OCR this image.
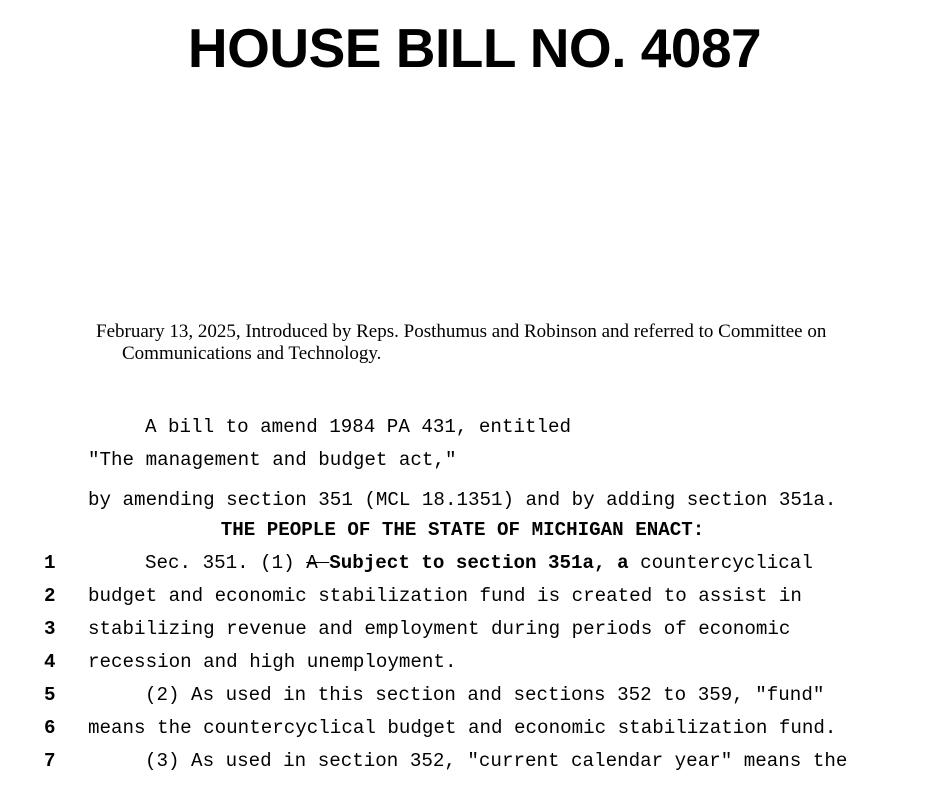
HOUSE BILL NO. 4087
February 13, 2025, Introduced by Reps. Posthumus and Robinson and referred to Committee on
Communications and Technology.
A bill to amend 1984 PA 431, entitled
"The management and budget act,"
by amending section 351 (MCL 18.1351) and by adding section 351a.
THE PEOPLE OF THE STATE OF MICHIGAN ENACT:
1	Sec. 351. (1) A Subject to section 351a, a countercyclical
2 budget and economic stabilization fund is created to assist in
3 stabilizing revenue and employment during periods of economic
4 recession and high unemployment.
5	(2) As used in this section and sections 352 to 359, "fund"
6 means the countercyclical budget and economic stabilization fund.
7	(3) As used in section 352, "current calendar year" means the
